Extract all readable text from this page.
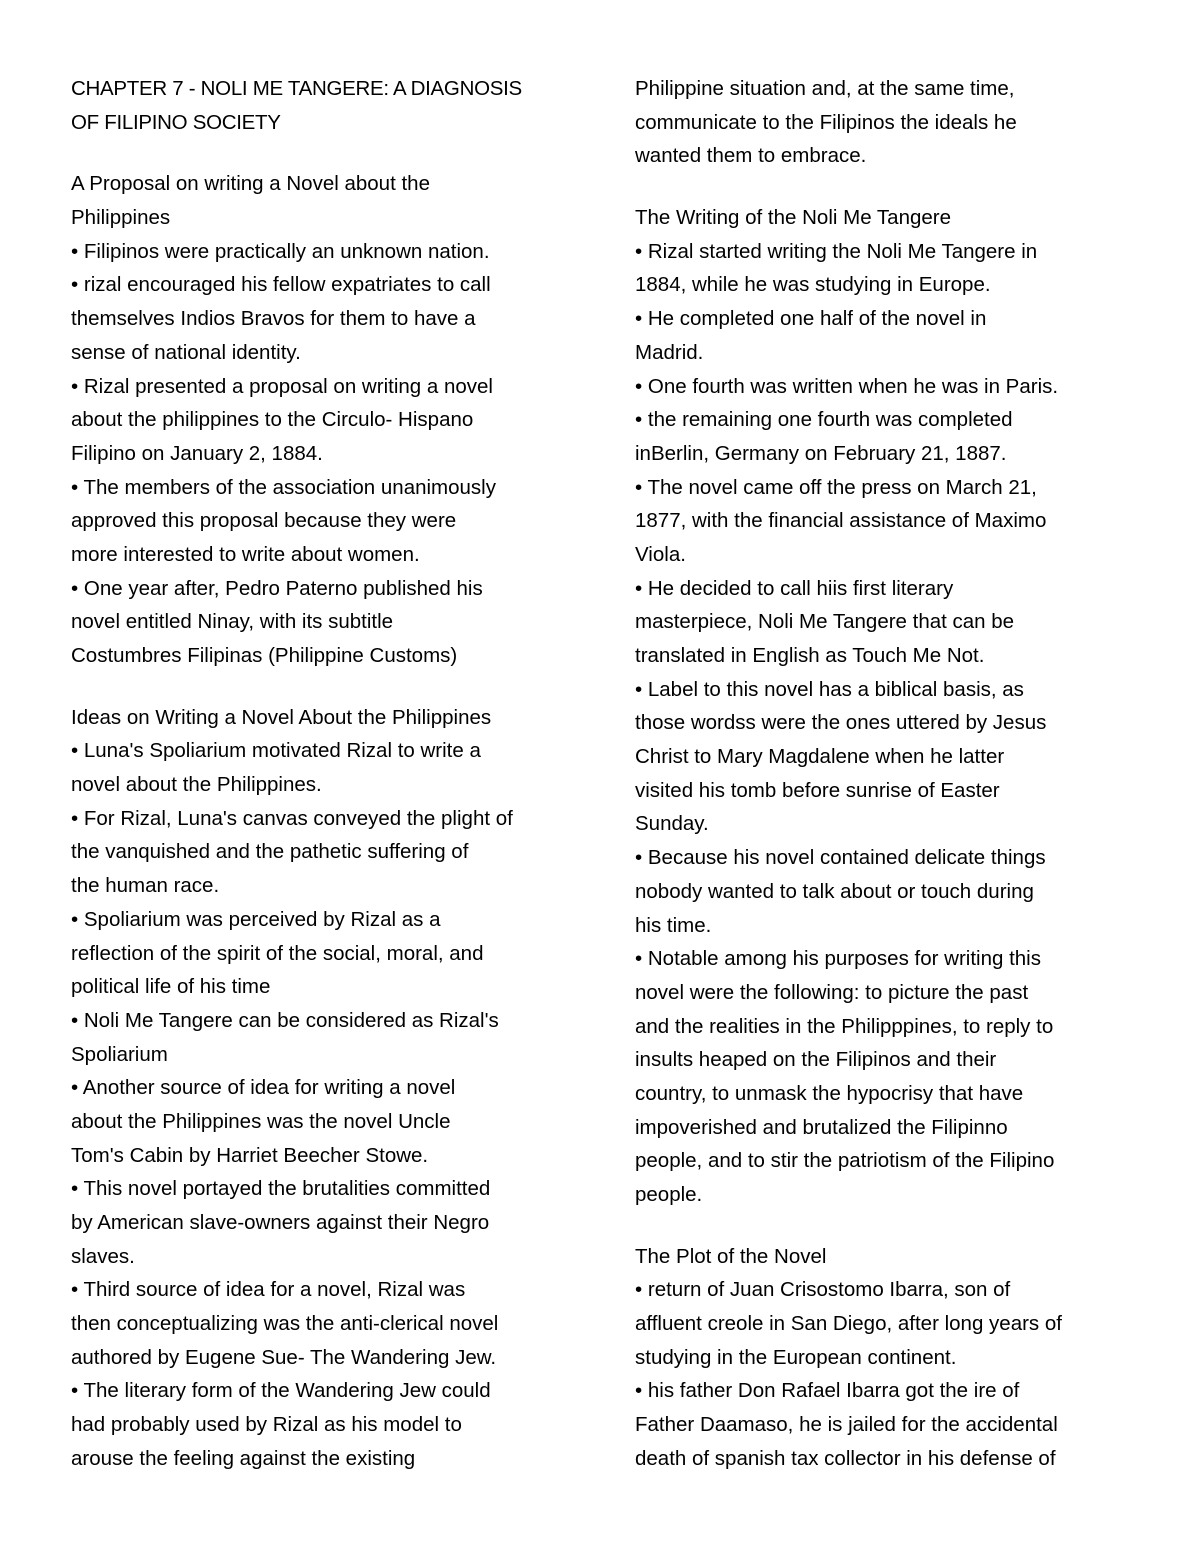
CHAPTER 7 - NOLI ME TANGERE: A DIAGNOSIS
OF FILIPINO SOCIETY
A Proposal on writing a Novel about the
Philippines
• Filipinos were practically an unknown nation.
• rizal encouraged his fellow expatriates to call
themselves Indios Bravos for them to have a
sense of national identity.
• Rizal presented a proposal on writing a novel
about the philippines to the Circulo- Hispano
Filipino on January 2, 1884.
• The members of the association unanimously
approved this proposal because they were
more interested to write about women.
• One year after, Pedro Paterno published his
novel entitled Ninay, with its subtitle
Costumbres Filipinas (Philippine Customs)
Ideas on Writing a Novel About the Philippines
• Luna's Spoliarium motivated Rizal to write a
novel about the Philippines.
• For Rizal, Luna's canvas conveyed the plight of
the vanquished and the pathetic suffering of
the human race.
• Spoliarium was perceived by Rizal as a
reflection of the spirit of the social, moral, and
political life of his time
• Noli Me Tangere can be considered as Rizal's
Spoliarium
• Another source of idea for writing a novel
about the Philippines was the novel Uncle
Tom's Cabin by Harriet Beecher Stowe.
• This novel portayed the brutalities committed
by American slave-owners against their Negro
slaves.
• Third source of idea for a novel, Rizal was
then conceptualizing was the anti-clerical novel
authored by Eugene Sue- The Wandering Jew.
• The literary form of the Wandering Jew could
had probably used by Rizal as his model to
arouse the feeling against the existing
Philippine situation and, at the same time,
communicate to the Filipinos the ideals he
wanted them to embrace.
The Writing of the Noli Me Tangere
• Rizal started writing the Noli Me Tangere in
1884, while he was studying in Europe.
• He completed one half of the novel in
Madrid.
• One fourth was written when he was in Paris.
• the remaining one fourth was completed
inBerlin, Germany on February 21, 1887.
• The novel came off the press on March 21,
1877, with the financial assistance of Maximo
Viola.
• He decided to call hiis first literary
masterpiece, Noli Me Tangere that can be
translated in English as Touch Me Not.
• Label to this novel has a biblical basis, as
those wordss were the ones uttered by Jesus
Christ to Mary Magdalene when he latter
visited his tomb before sunrise of Easter
Sunday.
• Because his novel contained delicate things
nobody wanted to talk about or touch during
his time.
• Notable among his purposes for writing this
novel were the following: to picture the past
and the realities in the Philipppines, to reply to
insults heaped on the Filipinos and their
country, to unmask the hypocrisy that have
impoverished and brutalized the Filipinno
people, and to stir the patriotism of the Filipino
people.
The Plot of the Novel
• return of Juan Crisostomo Ibarra, son of
affluent creole in San Diego, after long years of
studying in the European continent.
• his father Don Rafael Ibarra got the ire of
Father Daamaso, he is jailed for the accidental
death of spanish tax collector in his defense of
